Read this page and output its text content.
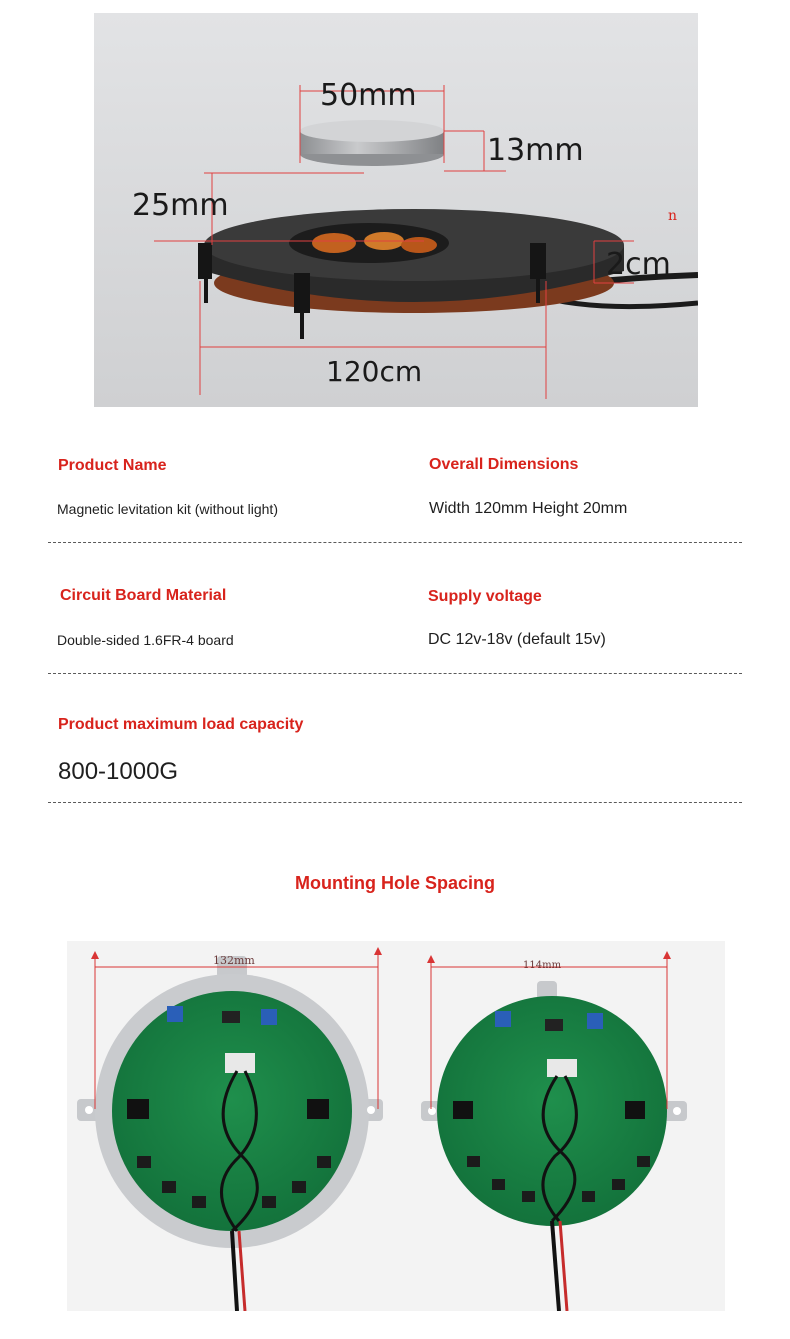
50mm
13mm
25mm	n
2cm
120cm
Product Name	Overall Dimensions
Magnetic levitation kit (without light)	Width 120mm Height 20mm
Circuit Board Material	Supply voltage
Double-sided 1.6FR-4 board	DC 12v-18v (default 15v)
Product maximum load capacity
800-1000G
Mounting Hole Spacing
132mm	114mm
